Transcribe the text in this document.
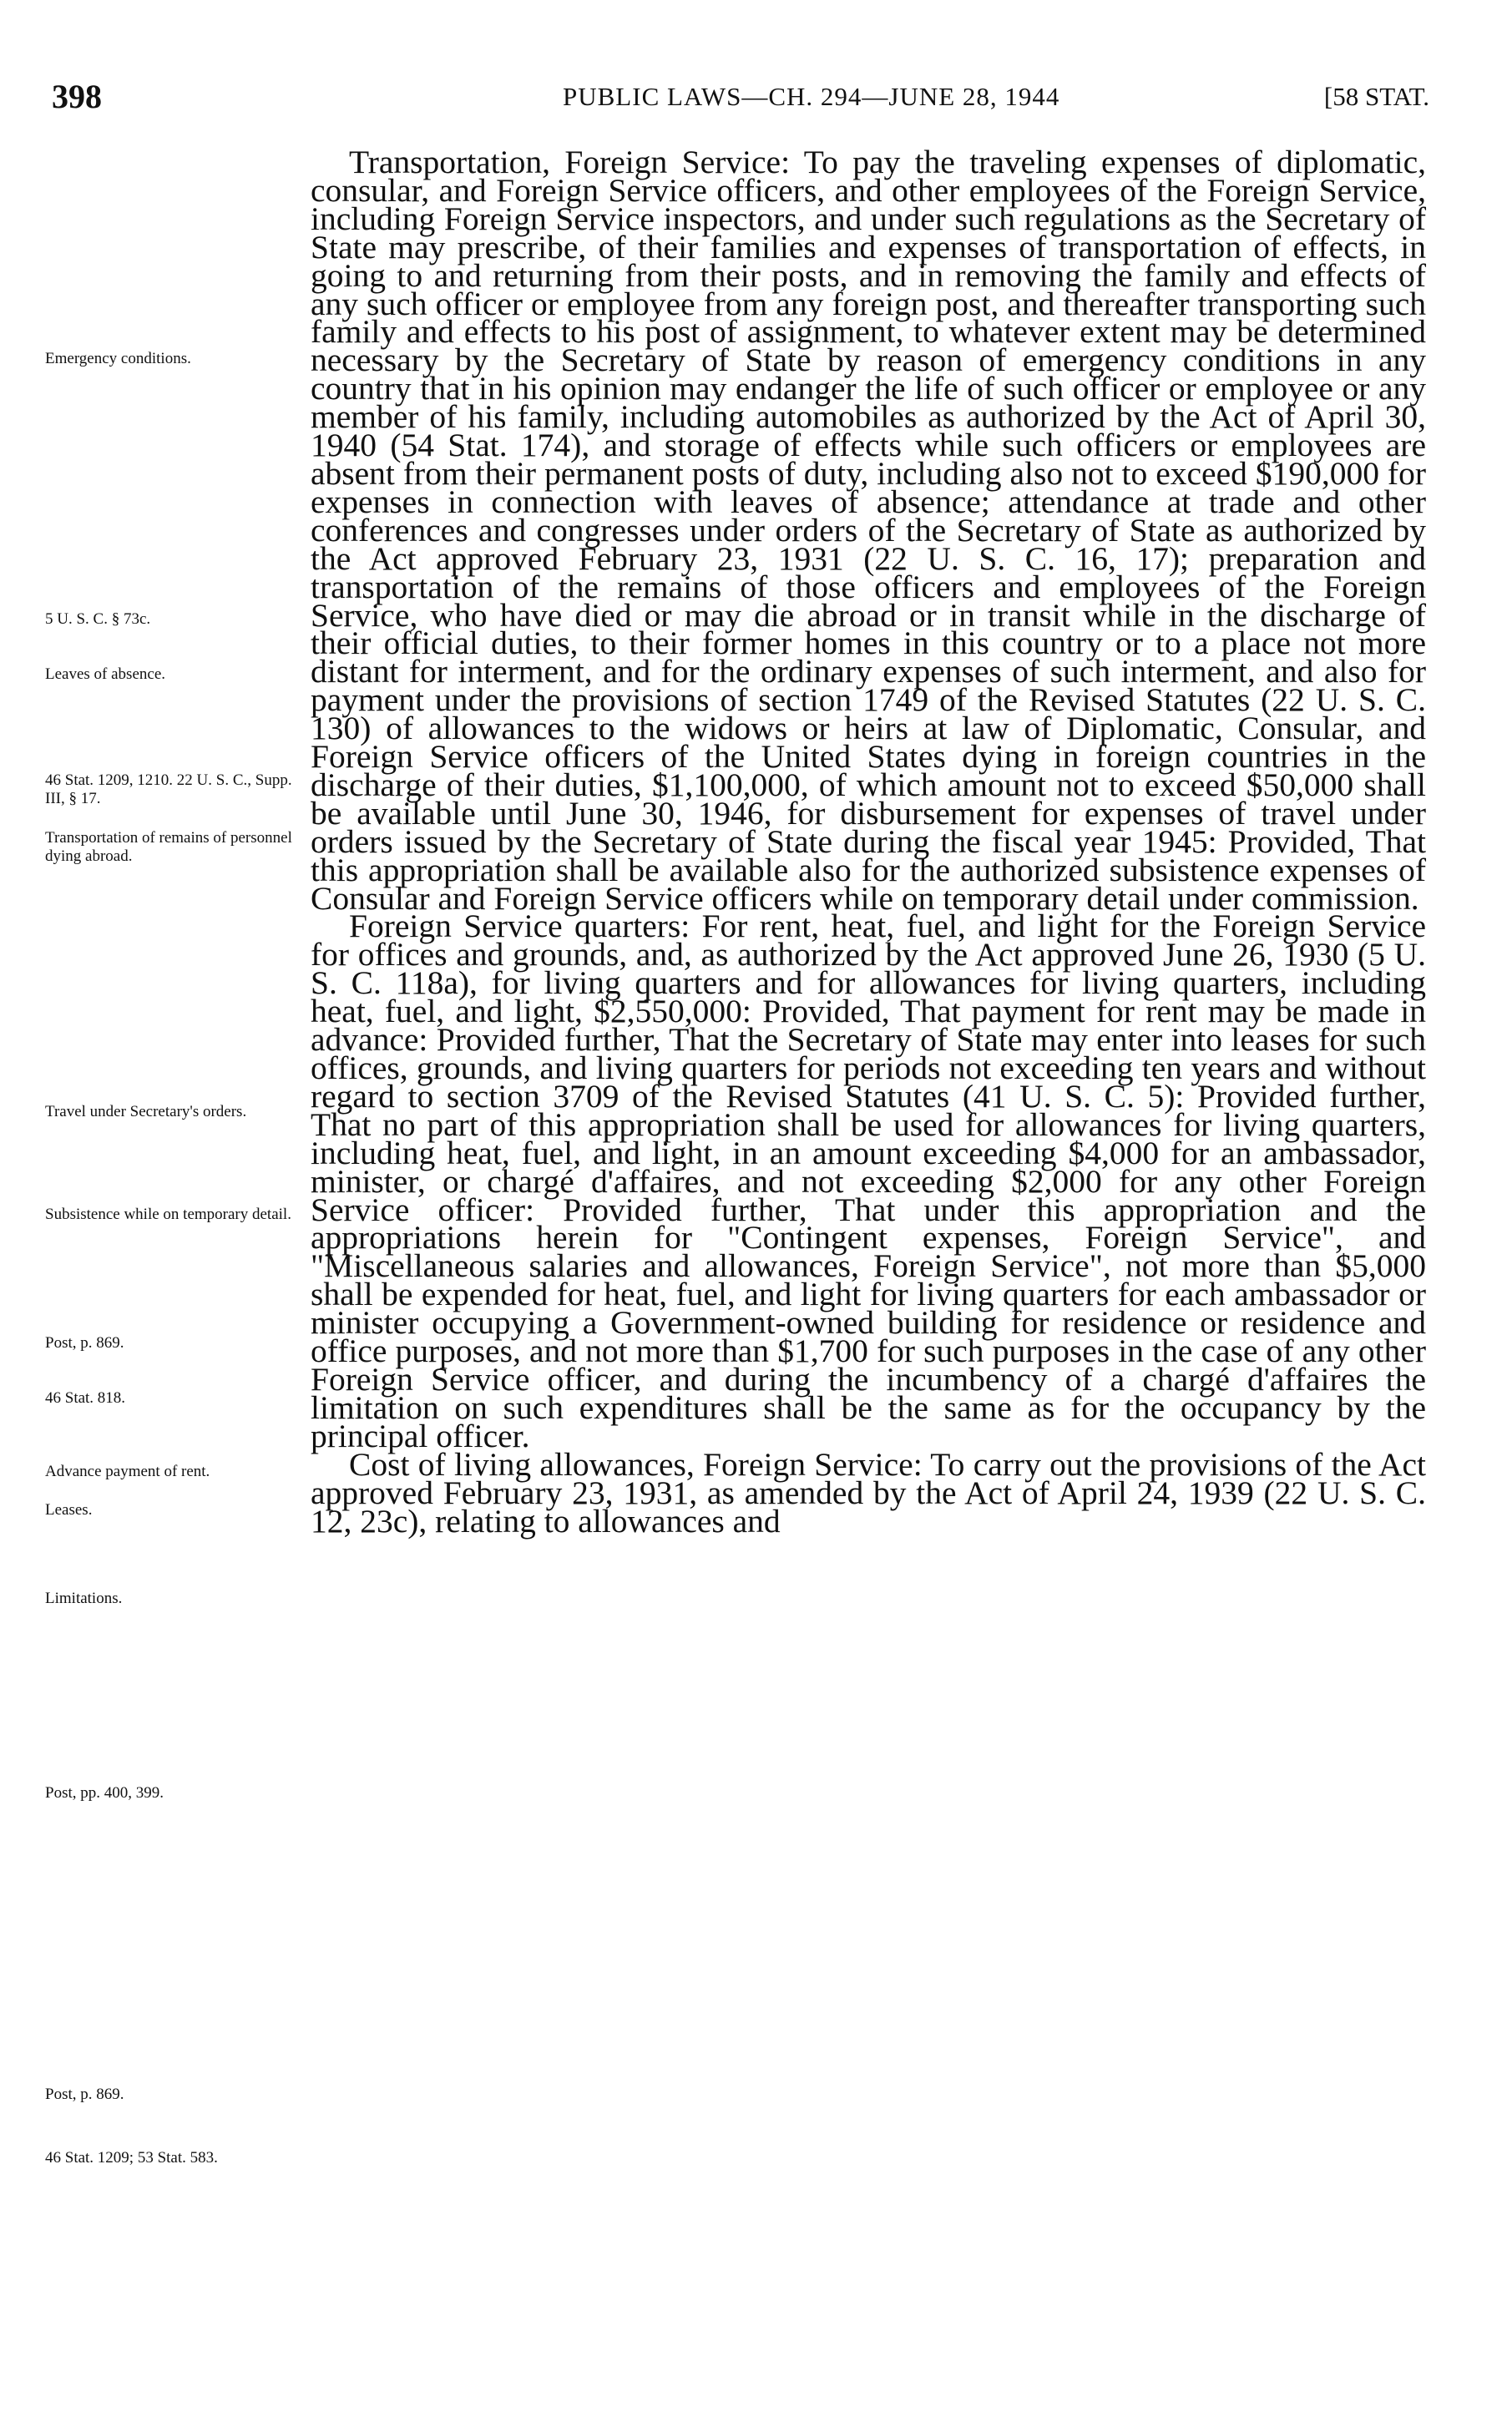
398	PUBLIC LAWS—CH. 294—JUNE 28, 1944	[58 STAT.
Emergency conditions.
5 U. S. C. § 73c.
Leaves of absence.
46 Stat. 1209, 1210. 22 U. S. C., Supp. III, § 17.
Transportation of remains of personnel dying abroad.
Travel under Secretary's orders.
Subsistence while on temporary detail.
Post, p. 869.
46 Stat. 818.
Advance payment of rent.
Leases.
Limitations.
Post, pp. 400, 399.
Post, p. 869.
46 Stat. 1209; 53 Stat. 583.

Transportation, Foreign Service: To pay the traveling expenses of diplomatic, consular, and Foreign Service officers, and other employees of the Foreign Service, including Foreign Service inspectors, and under such regulations as the Secretary of State may prescribe, of their families and expenses of transportation of effects, in going to and returning from their posts, and in removing the family and effects of any such officer or employee from any foreign post, and thereafter transporting such family and effects to his post of assignment, to whatever extent may be determined necessary by the Secretary of State by reason of emergency conditions in any country that in his opinion may endanger the life of such officer or employee or any member of his family, including automobiles as authorized by the Act of April 30, 1940 (54 Stat. 174), and storage of effects while such officers or employees are absent from their permanent posts of duty, including also not to exceed $190,000 for expenses in connection with leaves of absence; attendance at trade and other conferences and congresses under orders of the Secretary of State as authorized by the Act approved February 23, 1931 (22 U. S. C. 16, 17); preparation and transportation of the remains of those officers and employees of the Foreign Service, who have died or may die abroad or in transit while in the discharge of their official duties, to their former homes in this country or to a place not more distant for interment, and for the ordinary expenses of such interment, and also for payment under the provisions of section 1749 of the Revised Statutes (22 U. S. C. 130) of allowances to the widows or heirs at law of Diplomatic, Consular, and Foreign Service officers of the United States dying in foreign countries in the discharge of their duties, $1,100,000, of which amount not to exceed $50,000 shall be available until June 30, 1946, for disbursement for expenses of travel under orders issued by the Secretary of State during the fiscal year 1945: Provided, That this appropriation shall be available also for the authorized subsistence expenses of Consular and Foreign Service officers while on temporary detail under commission.

Foreign Service quarters: For rent, heat, fuel, and light for the Foreign Service for offices and grounds, and, as authorized by the Act approved June 26, 1930 (5 U. S. C. 118a), for living quarters and for allowances for living quarters, including heat, fuel, and light, $2,550,000: Provided, That payment for rent may be made in advance: Provided further, That the Secretary of State may enter into leases for such offices, grounds, and living quarters for periods not exceeding ten years and without regard to section 3709 of the Revised Statutes (41 U. S. C. 5): Provided further, That no part of this appropriation shall be used for allowances for living quarters, including heat, fuel, and light, in an amount exceeding $4,000 for an ambassador, minister, or chargé d'affaires, and not exceeding $2,000 for any other Foreign Service officer: Provided further, That under this appropriation and the appropriations herein for "Contingent expenses, Foreign Service", and "Miscellaneous salaries and allowances, Foreign Service", not more than $5,000 shall be expended for heat, fuel, and light for living quarters for each ambassador or minister occupying a Government-owned building for residence or residence and office purposes, and not more than $1,700 for such purposes in the case of any other Foreign Service officer, and during the incumbency of a chargé d'affaires the limitation on such expenditures shall be the same as for the occupancy by the principal officer.

Cost of living allowances, Foreign Service: To carry out the provisions of the Act approved February 23, 1931, as amended by the Act of April 24, 1939 (22 U. S. C. 12, 23c), relating to allowances and
